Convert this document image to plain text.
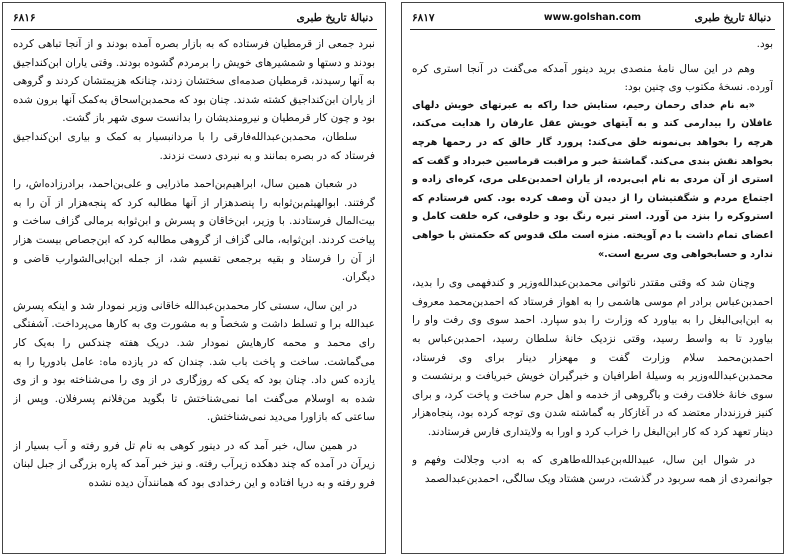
۶۸۱۶	دنبالهٔ تاریخ طبری

نبرد جمعی از قرمطیان فرستاده که به بازار بصره آمده بودند و از آنجا تباهی کرده بودند و دستها و شمشیرهای خویش را برمردم گشوده بودند. وقتی یاران ابن‌کنداجیق به آنها رسیدند، قرمطیان صدمه‌ای سختشان زدند، چنانکه هزیمتشان کردند و گروهی از یاران ابن‌کنداجیق کشته شدند. چنان بود که محمدبن‌اسحاق به‌کمک آنها برون شده بود و چون کار قرمطیان و نیرومندیشان را بدانست سوی شهر باز گشت.

سلطان، محمدبن‌عبدالله‌فارقی را با مردانبسیار به کمک و بیاری ابن‌کنداجیق فرستاد که در بصره بمانند و به نبردی دست نزدند.

در شعبان همین سال، ابراهیم‌بن‌احمد ماذرایی و علی‌بن‌احمد، برادرزاده‌اش، را گرفتند. ابوالهیثم‌بن‌ثوابه را پنصدهزار از آنها مطالبه کرد که پنجه‌هزار از آن را به بیت‌المال فرستادند. با وزیر، ابن‌خاقان و پسرش و ابن‌ثوابه برمالی گزاف ساخت و پیاخت کردند. ابن‌ثوابه، مالی گزاف از گروهی مطالبه کرد که ابن‌جصاص بیست هزار از آن را فرستاد و بقیه برجمعی تقسیم شد، از جمله ابن‌ابی‌الشوارب قاضی و دیگران.

در این سال، سستی کار محمدبن‌عبدالله خاقانی وزیر نمودار شد و اینکه پسرش عبدالله برا و تسلط داشت و شخصاً و به مشورت وی به کارها می‌پرداخت. آشفتگی رای محمد و محمه کارهایش نمودار شد. دریک هفته چندکس را به‌یک کار می‌گماشت. ساخت و پاخت باب شد. چندان که در یازده ماه: عامل بادوریا را به یازده کس داد. چنان بود که یکی که روزگاری در از وی را می‌شناخته بود و از وی شده به اوسلام می‌گفت اما نمی‌شناختش تا بگوید من‌فلانم پسرفلان. وپس از ساعتی که بازاورا می‌دید نمی‌شناختش.

در همین سال، خبر آمد که در دینور کوهی به نام تل فرو رفته و آب بسیار از زیرآن در آمده که چند دهکده زیرآب رفته. و نیز خبر آمد که پاره بزرگی از جبل لبنان فرو رفته و به دریا افتاده و این رخدادی بود که همانندآن دیده نشده

۶۸۱۷	www.golshan.com	دنبالهٔ تاریخ طبری

بود.

وهم در این سال نامهٔ منصدی برید دینور آمدکه می‌گفت در آنجا استری کره آورده. نسخهٔ مکتوب وی چنین بود:

«به نام خدای رحمان رحیم، ستایش خدا راکه به عبرتهای خویش دلهای غافلان را بیدارمی کند و به آیتهای خویش عقل عارفان را هدایت می‌کند، هرچه را بخواهد بی‌نمونه خلق می‌کند: پرورد گار خالق که در رحمها هرچه بخواهد نقش بندی می‌کند. گماشتهٔ خبر و مراقبت قرماسین خبرداد و گفت که استری از آن مردی به نام ابی‌برده، از یاران احمدبن‌علی مری، کره‌ای زاده و اجتماع مردم و شگفتیشان را از دیدن آن وصف کرده بود. کس فرستادم که استروکره را بنزد من آورد. استر تیره رنگ بود و خلوقی، کره خلقت کامل و اعضای تمام داشت با دم آویخته. منزه است ملک قدوس که حکمتش با خواهی ندارد و حسابخواهی وی سریع است.»

وچنان شد که وقتی مقتدر ناتوانی محمدبن‌عبدالله‌وزیر و کندفهمی وی را بدید، احمدبن‌عباس برادر ام موسی هاشمی را به اهواز فرستاد که احمدبن‌محمد معروف به ابن‌ابی‌البغل را به بیاورد که وزارت را بدو سپارد. احمد سوی وی رفت واو را بیاورد تا به واسط رسید، وقتی نزدیک خانهٔ سلطان رسید، احمدبن‌عباس به احمدبن‌محمد سلام وزارت گفت و مهعزار دینار برای وی فرستاد، محمدبن‌عبدالله‌وزیر به وسیلهٔ اطرافیان و خبرگیران خویش خبریافت و برنشست و سوی خانهٔ خلافت رفت و باگروهی از خدمه و اهل حرم ساخت و پاخت کرد، و برای کنیز فرزنددار معتضد که در آغازکار به گماشته شدن وی توجه کرده بود، پنجاه‌هزار دینار تعهد کرد که کار ابن‌البغل را خراب کرد و اورا به ولایتداری فارس فرستادند.

در شوال این سال، عبیدالله‌بن‌عبدالله‌طاهری که به ادب وجلالت وفهم و جوانمردی از همه سربود در گذشت، درسن هشتاد ویک سالگی، احمدبن‌عبدالصمد
